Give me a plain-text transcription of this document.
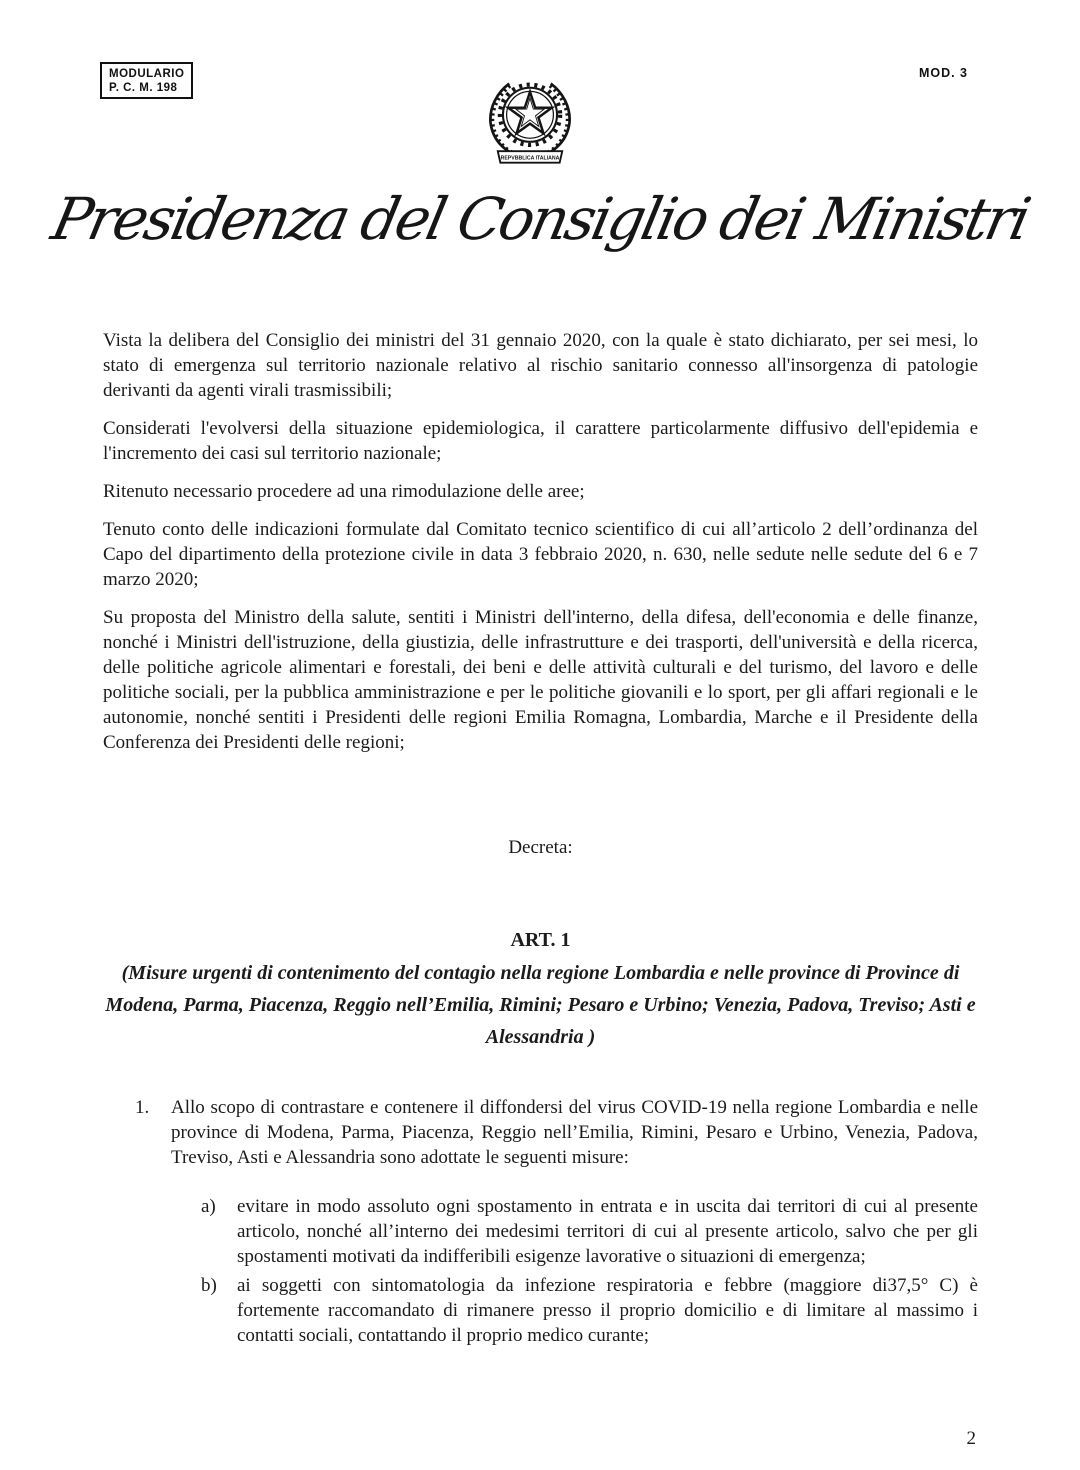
MODULARIO
P. C. M. 198
MOD. 3
REPVBBLICA ITALIANA
Presidenza del Consiglio dei Ministri

Vista la delibera del Consiglio dei ministri del 31 gennaio 2020, con la quale è stato dichiarato, per sei mesi, lo stato di emergenza sul territorio nazionale relativo al rischio sanitario connesso all'insorgenza di patologie derivanti da agenti virali trasmissibili;

Considerati l'evolversi della situazione epidemiologica, il carattere particolarmente diffusivo dell'epidemia e l'incremento dei casi sul territorio nazionale;

Ritenuto necessario procedere ad una rimodulazione delle aree;

Tenuto conto delle indicazioni formulate dal Comitato tecnico scientifico di cui all’articolo 2 dell’ordinanza del Capo del dipartimento della protezione civile in data 3 febbraio 2020, n. 630, nelle sedute nelle sedute del 6 e 7 marzo 2020;

Su proposta del Ministro della salute, sentiti i Ministri dell'interno, della difesa, dell'economia e delle finanze, nonché i Ministri dell'istruzione, della giustizia, delle infrastrutture e dei trasporti, dell'università e della ricerca, delle politiche agricole alimentari e forestali, dei beni e delle attività culturali e del turismo, del lavoro e delle politiche sociali, per la pubblica amministrazione e per le politiche giovanili e lo sport, per gli affari regionali e le autonomie, nonché sentiti i Presidenti delle regioni Emilia Romagna, Lombardia, Marche e il Presidente della Conferenza dei Presidenti delle regioni;

Decreta:

ART. 1

(Misure urgenti di contenimento del contagio nella regione Lombardia e nelle province di Province di Modena, Parma, Piacenza, Reggio nell’Emilia, Rimini; Pesaro e Urbino; Venezia, Padova, Treviso; Asti e Alessandria )

1.	Allo scopo di contrastare e contenere il diffondersi del virus COVID-19 nella regione Lombardia e nelle province di Modena, Parma, Piacenza, Reggio nell’Emilia, Rimini, Pesaro e Urbino, Venezia, Padova, Treviso, Asti e Alessandria sono adottate le seguenti misure:
a)	evitare in modo assoluto ogni spostamento in entrata e in uscita dai territori di cui al presente articolo, nonché all’interno dei medesimi territori di cui al presente articolo, salvo che per gli spostamenti motivati da indifferibili esigenze lavorative o situazioni di emergenza;
b)	ai soggetti con sintomatologia da infezione respiratoria e febbre (maggiore di37,5° C) è fortemente raccomandato di rimanere presso il proprio domicilio e di limitare al massimo i contatti sociali, contattando il proprio medico curante;
2
